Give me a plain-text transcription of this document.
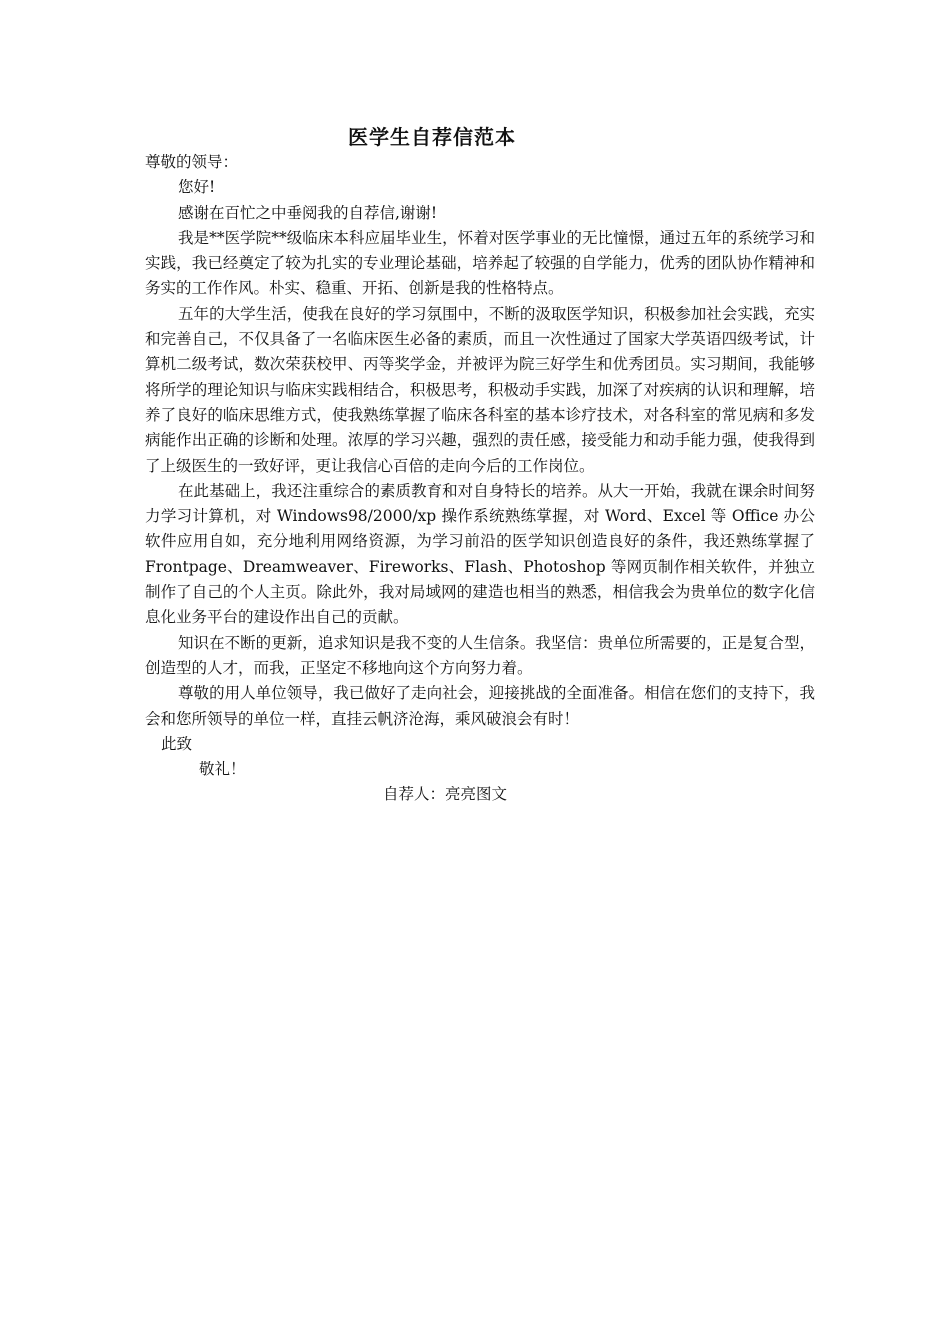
医学生自荐信范本

尊敬的领导：

您好!

感谢在百忙之中垂阅我的自荐信,谢谢!

我是**医学院**级临床本科应届毕业生，怀着对医学事业的无比憧憬，通过五年的系统学习和实践，我已经奠定了较为扎实的专业理论基础，培养起了较强的自学能力，优秀的团队协作精神和务实的工作作风。朴实、稳重、开拓、创新是我的性格特点。

五年的大学生活，使我在良好的学习氛围中，不断的汲取医学知识，积极参加社会实践，充实和完善自己，不仅具备了一名临床医生必备的素质，而且一次性通过了国家大学英语四级考试，计算机二级考试，数次荣获校甲、丙等奖学金，并被评为院三好学生和优秀团员。实习期间，我能够将所学的理论知识与临床实践相结合，积极思考，积极动手实践，加深了对疾病的认识和理解，培养了良好的临床思维方式，使我熟练掌握了临床各科室的基本诊疗技术，对各科室的常见病和多发病能作出正确的诊断和处理。浓厚的学习兴趣，强烈的责任感，接受能力和动手能力强，使我得到了上级医生的一致好评，更让我信心百倍的走向今后的工作岗位。

在此基础上，我还注重综合的素质教育和对自身特长的培养。从大一开始，我就在课余时间努力学习计算机，对 Windows98/2000/xp 操作系统熟练掌握，对 Word、Excel 等 Office 办公软件应用自如，充分地利用网络资源，为学习前沿的医学知识创造良好的条件，我还熟练掌握了 Frontpage、Dreamweaver、Fireworks、Flash、Photoshop 等网页制作相关软件，并独立制作了自己的个人主页。除此外，我对局域网的建造也相当的熟悉，相信我会为贵单位的数字化信息化业务平台的建设作出自己的贡献。

知识在不断的更新，追求知识是我不变的人生信条。我坚信：贵单位所需要的，正是复合型，创造型的人才，而我，正坚定不移地向这个方向努力着。

尊敬的用人单位领导，我已做好了走向社会，迎接挑战的全面准备。相信在您们的支持下，我会和您所领导的单位一样，直挂云帆济沧海，乘风破浪会有时！

此致

敬礼！

自荐人：亮亮图文
